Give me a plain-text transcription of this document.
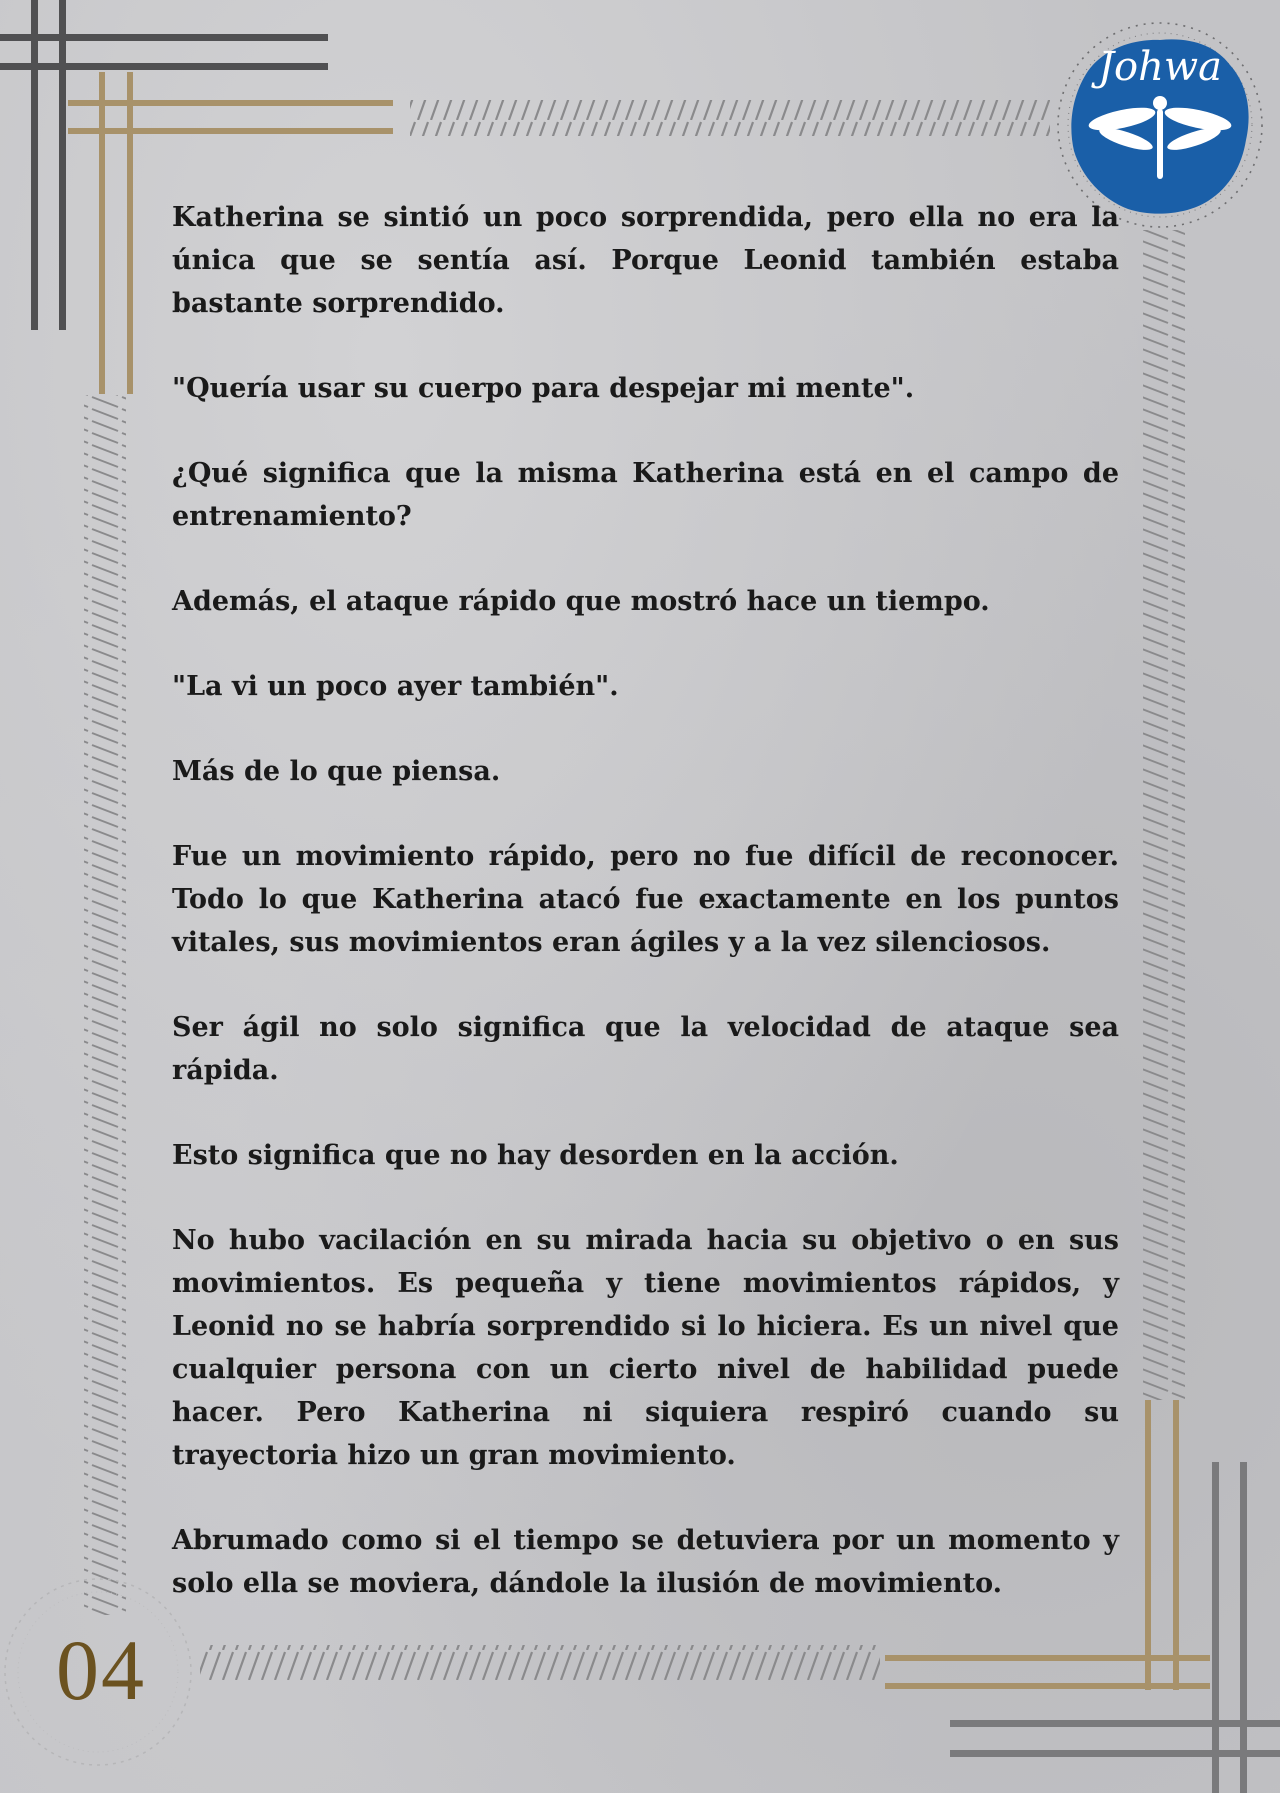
Johwa

Katherina se sintió un poco sorprendida, pero ella no era la única que se sentía así. Porque Leonid también estaba bastante sorprendido.

"Quería usar su cuerpo para despejar mi mente".

¿Qué significa que la misma Katherina está en el campo de entrenamiento?

Además, el ataque rápido que mostró hace un tiempo.

"La vi un poco ayer también".

Más de lo que piensa.

Fue un movimiento rápido, pero no fue difícil de reconocer. Todo lo que Katherina atacó fue exactamente en los puntos vitales, sus movimientos eran ágiles y a la vez silenciosos.

Ser ágil no solo significa que la velocidad de ataque sea rápida.

Esto significa que no hay desorden en la acción.

No hubo vacilación en su mirada hacia su objetivo o en sus movimientos. Es pequeña y tiene movimientos rápidos, y Leonid no se habría sorprendido si lo hiciera. Es un nivel que cualquier persona con un cierto nivel de habilidad puede hacer. Pero Katherina ni siquiera respiró cuando su trayectoria hizo un gran movimiento.

Abrumado como si el tiempo se detuviera por un momento y solo ella se moviera, dándole la ilusión de movimiento.

04
